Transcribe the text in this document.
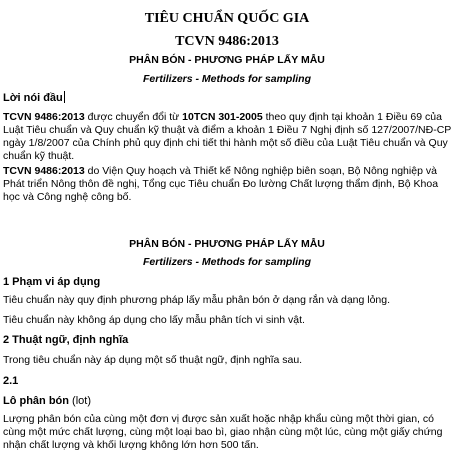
TIÊU CHUẨN QUỐC GIA
TCVN 9486:2013
PHÂN BÓN - PHƯƠNG PHÁP LẤY MẪU
Fertilizers - Methods for sampling
Lời nói đầu
TCVN 9486:2013 được chuyển đổi từ 10TCN 301-2005 theo quy định tại khoản 1 Điều 69 của
Luật Tiêu chuẩn và Quy chuẩn kỹ thuật và điểm a khoản 1 Điều 7 Nghị định số 127/2007/NĐ-CP
ngày 1/8/2007 của Chính phủ quy định chi tiết thi hành một số điều của Luật Tiêu chuẩn và Quy
chuẩn kỹ thuật.
TCVN 9486:2013 do Viện Quy hoạch và Thiết kế Nông nghiệp biên soạn, Bộ Nông nghiệp và
Phát triển Nông thôn đề nghị, Tổng cục Tiêu chuẩn Đo lường Chất lượng thẩm định, Bộ Khoa
học và Công nghệ công bố.
PHÂN BÓN - PHƯƠNG PHÁP LẤY MẪU
Fertilizers - Methods for sampling
1 Phạm vi áp dụng
Tiêu chuẩn này quy định phương pháp lấy mẫu phân bón ở dạng rắn và dạng lỏng.
Tiêu chuẩn này không áp dụng cho lấy mẫu phân tích vi sinh vật.
2 Thuật ngữ, định nghĩa
Trong tiêu chuẩn này áp dụng một số thuật ngữ, định nghĩa sau.
2.1
Lô phân bón (lot)
Lượng phân bón của cùng một đơn vị được sản xuất hoặc nhập khẩu cùng một thời gian, có
cùng một mức chất lượng, cùng một loại bao bì, giao nhận cùng một lúc, cùng một giấy chứng
nhận chất lượng và khối lượng không lớn hơn 500 tấn.
